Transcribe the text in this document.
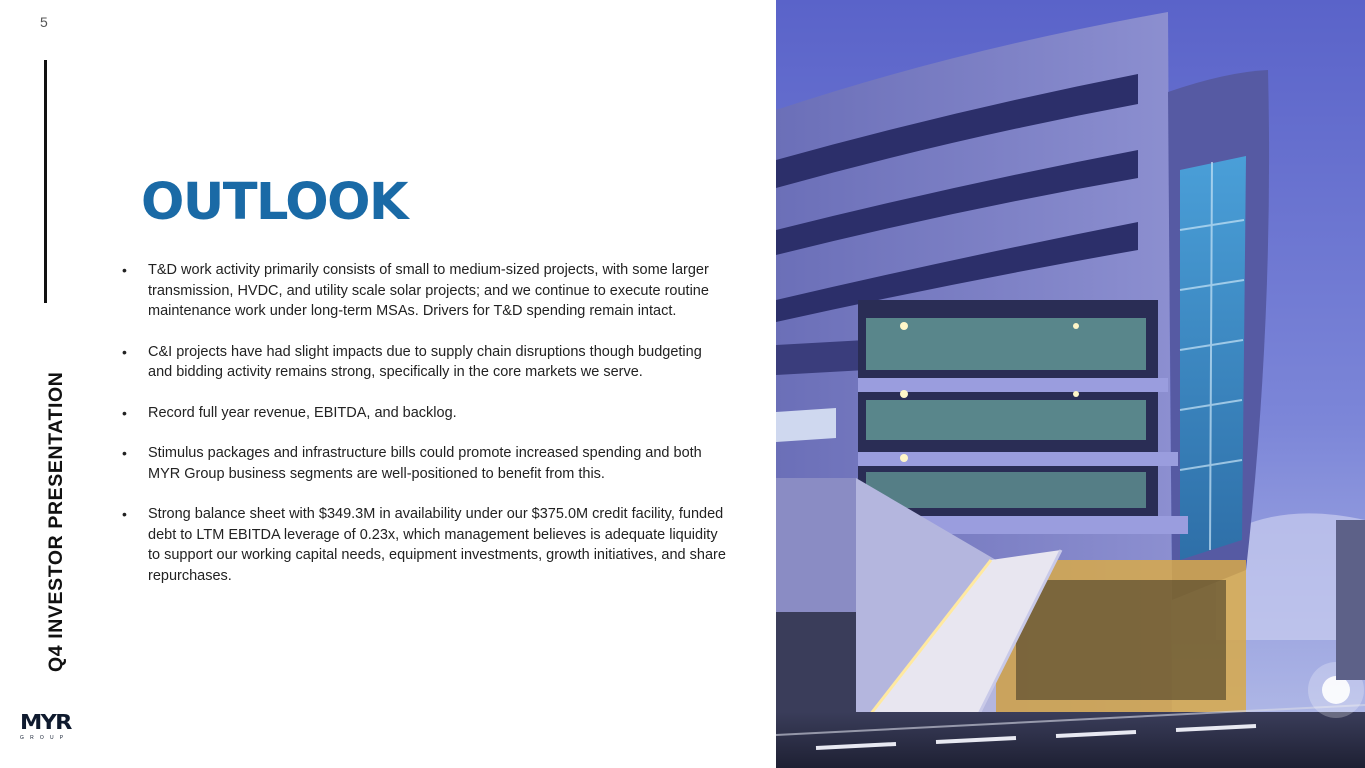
5
Q4 INVESTOR PRESENTATION
MYR
GROUP
OUTLOOK
• T&D work activity primarily consists of small to medium-sized projects, with some larger transmission, HVDC, and utility scale solar projects; and we continue to execute routine maintenance work under long-term MSAs. Drivers for T&D spending remain intact.
• C&I projects have had slight impacts due to supply chain disruptions though budgeting and bidding activity remains strong, specifically in the core markets we serve.
• Record full year revenue, EBITDA, and backlog.
• Stimulus packages and infrastructure bills could promote increased spending and both MYR Group business segments are well-positioned to benefit from this.
• Strong balance sheet with $349.3M in availability under our $375.0M credit facility, funded debt to LTM EBITDA leverage of 0.23x, which management believes is adequate liquidity to support our working capital needs, equipment investments, growth initiatives, and share repurchases.
